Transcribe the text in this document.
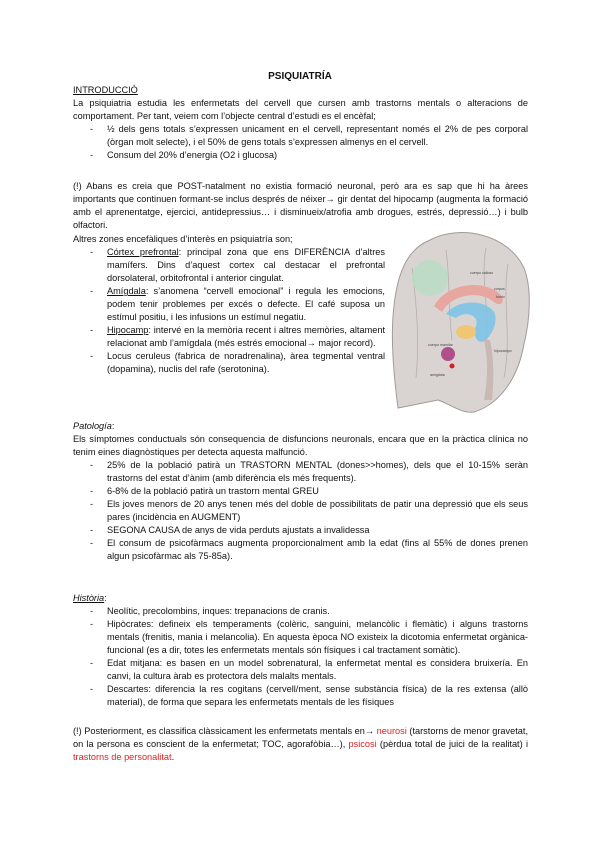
PSIQUIATRÍA
INTRODUCCIÓ
La psiquiatria estudia les enfermetats del cervell que cursen amb trastorns mentals o alteracions de comportament. Per tant, veiem com l’objecte central d’estudi es el encèfal;
- ½ dels gens totals s’expressen unicament en el cervell, representant només el 2% de pes corporal (òrgan molt selecte), i el 50% de gens totals s’expressen almenys en el cervell.
- Consum del 20% d’energia (O2 i glucosa)
(!) Abans es creia que POST-natalment no existia formació neuronal, però ara es sap que hi ha àrees importants que continuen formant-se inclus després de néixer→ gir dentat del hipocamp (augmenta la formació amb el aprenentatge, ejercici, antidepressius… i disminueix/atrofia amb drogues, estrés, depressió…) i bulb olfactori.
Altres zones encefàliques d’interès en psiquiatría son;
- Córtex prefrontal: principal zona que ens DIFERÈNCIA d’altres mamífers. Dins d’aquest cortex cal destacar el prefrontal dorsolateral, orbitofrontal i anterior cingulat.
- Amígdala: s’anomena “cervell emocional” i regula les emocions, podem tenir problemes per excés o defecte. El café suposa un estímul positiu, i les infusions un estímul negatiu.
- Hipocamp: intervé en la memòria recent i altres memòries, altament relacionat amb l’amígdala (més estrés emocional→ major record).
- Locus ceruleus (fabrica de noradrenalina), àrea tegmental ventral (dopamina), nuclis del rafe (serotonina).
cuerpo calloso
corpus
fórnix
cuerpo mamilar
amígdala
hipocampo
Patología:
Els símptomes conductuals són consequencia de disfuncions neuronals, encara que en la pràctica clínica no tenim eines diagnòstiques per detecta aquesta malfunció.
- 25% de la població patirà un TRASTORN MENTAL (dones>>homes), dels que el 10-15% seràn trastorns del estat d’ànim (amb diferència els més frequents).
- 6-8% de la població patirà un trastorn mental GREU
- Els joves menors de 20 anys tenen més del doble de possibilitats de patir una depressió que els seus pares (incidència en AUGMENT)
- SEGONA CAUSA de anys de vida perduts ajustats a invalidessa
- El consum de psicofàrmacs augmenta proporcionalment amb la edat (fins al 55% de dones prenen algun psicofàrmac als 75-85a).
Història:
- Neolític, precolombins, inques: trepanacions de cranis.
- Hipòcrates: defineix els temperaments (colèric, sanguini, melancòlic i flemàtic) i alguns trastorns mentals (frenitis, mania i melancolia). En aquesta època NO existeix la dicotomia enfermetat orgànica-funcional (es a dir, totes les enfermetats mentals són físiques i cal tractament somàtic).
- Edat mitjana: es basen en un model sobrenatural, la enfermetat mental es considera bruixería. En canvi, la cultura àrab es protectora dels malalts mentals.
- Descartes: diferencia la res cogitans (cervell/ment, sense substància física) de la res extensa (allò material), de forma que separa les enfermetats mentals de les físiques
(!) Posteriorment, es classifica clàssicament les enfermetats mentals en→ neurosi (tarstorns de menor gravetat, on la persona es conscient de la enfermetat; TOC, agorafòbia…), psicosi (pèrdua total de juici de la realitat) i trastorns de personalitat.
